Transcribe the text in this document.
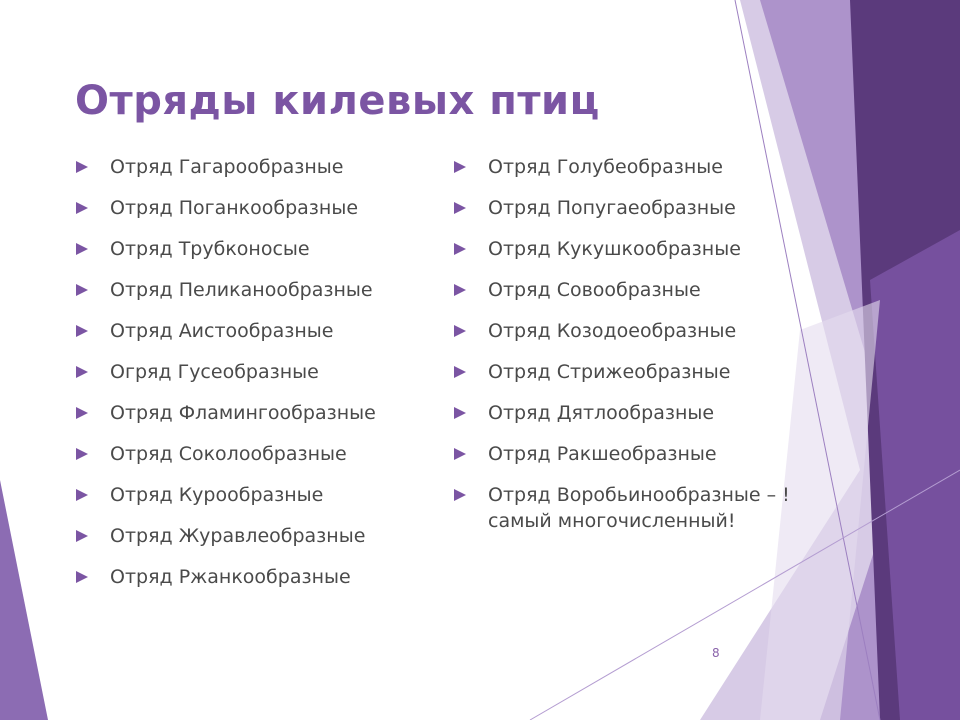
Отряды килевых птиц
Отряд Гагарообразные
Отряд Поганкообразные
Отряд Трубконосые
Отряд Пеликанообразные
Отряд Аистообразные
Огряд Гусеобразные
Отряд Фламингообразные
Отряд Соколообразные
Отряд Курообразные
Отряд Журавлеобразные
Отряд Ржанкообразные
Отряд Голубеобразные
Отряд Попугаеобразные
Отряд Кукушкообразные
Отряд Совообразные
Отряд Козодоеобразные
Отряд Стрижеобразные
Отряд Дятлообразные
Отряд Ракшеобразные
Отряд Воробьинообразные – !самый многочисленный!
8
